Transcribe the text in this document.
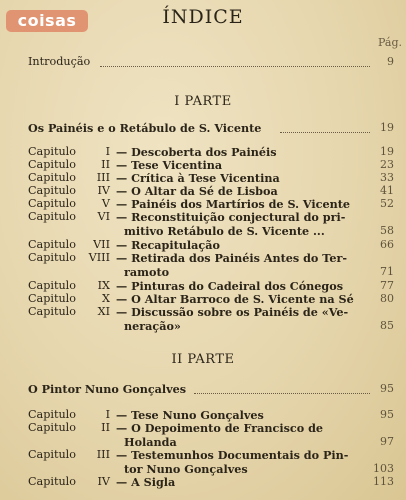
coisas	ÍNDICE
Pág.
Introdução	9
I PARTE
Os Painéis e o Retábulo de S. Vicente	19
Capitulo	I — Descoberta dos Painéis	19
Capitulo	II — Tese Vicentina	23
Capitulo	III — Crítica à Tese Vicentina	33
Capitulo	IV — O Altar da Sé de Lisboa	41
Capitulo	V — Painéis dos Martírios de S. Vicente	52
Capitulo	VI — Reconstituição conjectural do pri-
mitivo Retábulo de S. Vicente ...	58
Capitulo	VII — Recapitulação	66
Capitulo	VIII — Retirada dos Painéis Antes do Ter-
ramoto	71
Capitulo	IX — Pinturas do Cadeiral dos Cónegos	77
Capitulo	X — O Altar Barroco de S. Vicente na Sé 80
Capitulo	XI — Discussão sobre os Painéis de «Ve-
neração»	85
II PARTE
O Pintor Nuno Gonçalves	95
Capitulo	I — Tese Nuno Gonçalves	95
Capitulo	II — O Depoimento de Francisco de
Holanda	97
Capitulo	III — Testemunhos Documentais do Pin-
tor Nuno Gonçalves	103
Capitulo	IV — A Sigla	113
